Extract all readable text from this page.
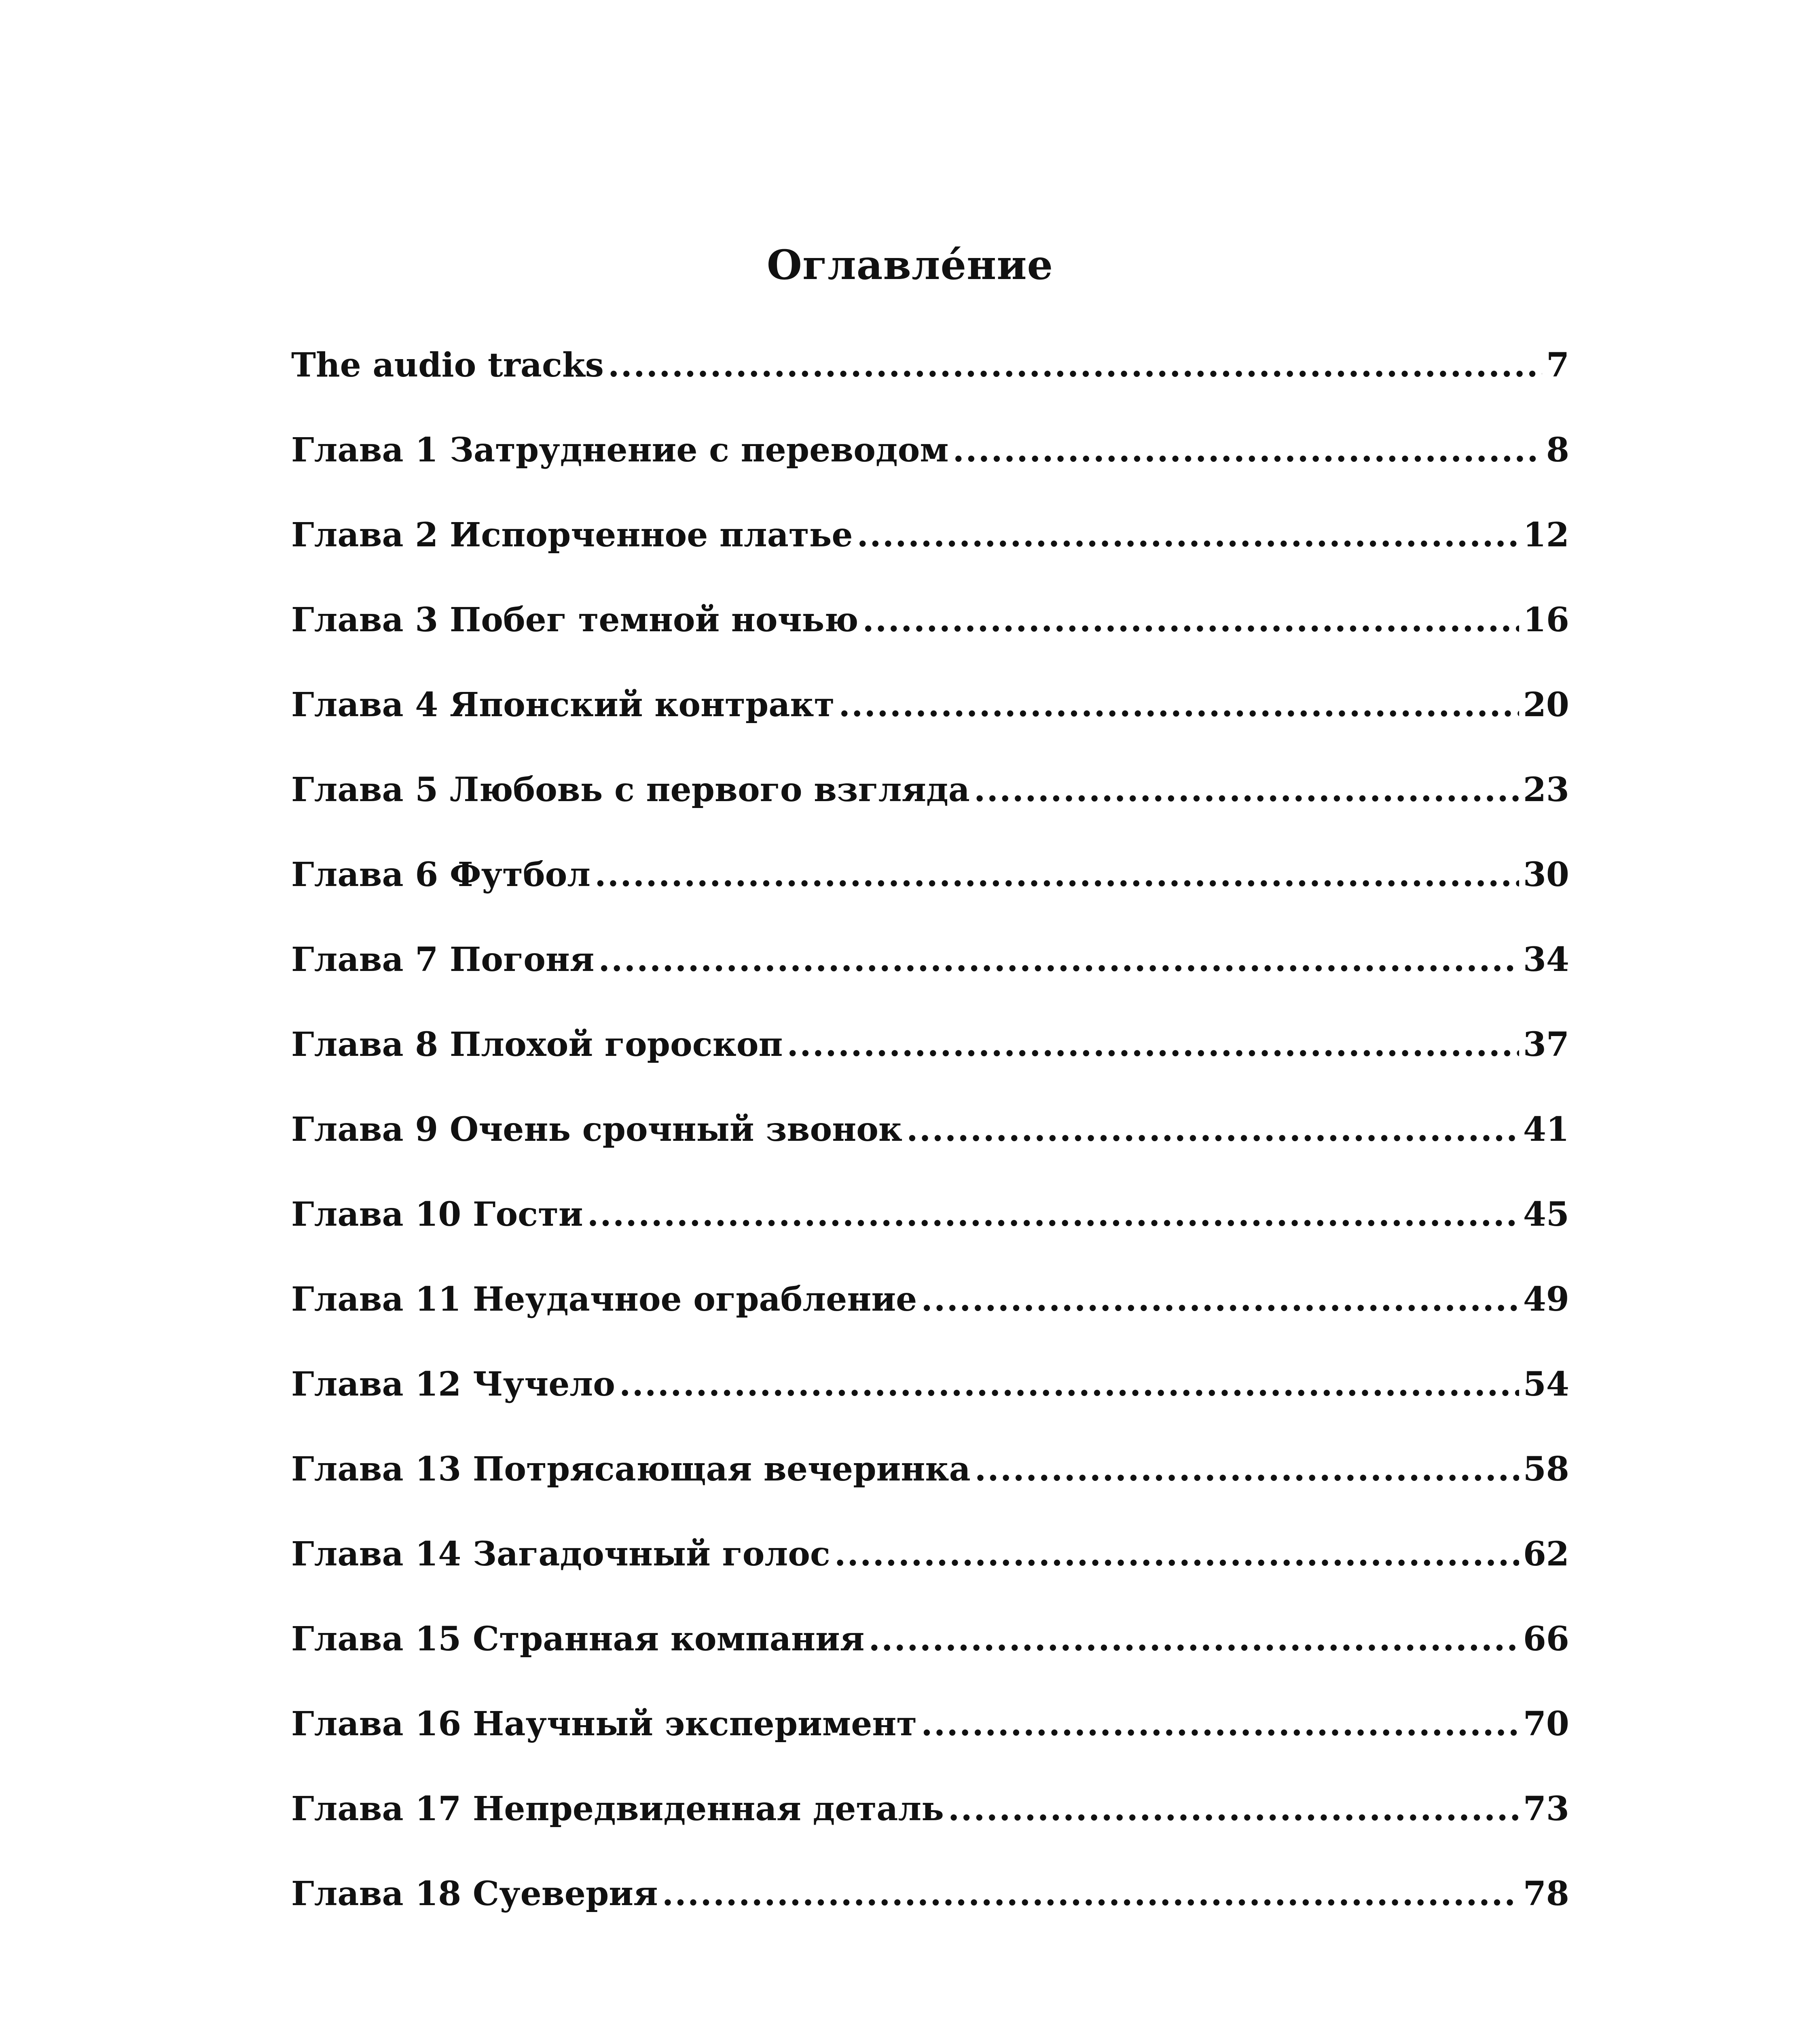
Оглавле́ние
The audio tracks .....	7
Глава 1 Затруднение с переводом .....	8
Глава 2 Испорченное платье .....	12
Глава 3 Побег темной ночью .....	16
Глава 4 Японский контракт .....	20
Глава 5 Любовь с первого взгляда .....	23
Глава 6 Футбол .....	30
Глава 7 Погоня .....	34
Глава 8 Плохой гороскоп .....	37
Глава 9 Очень срочный звонок .....	41
Глава 10 Гости .....	45
Глава 11 Неудачное ограбление .....	49
Глава 12 Чучело .....	54
Глава 13 Потрясающая вечеринка .....	58
Глава 14 Загадочный голос .....	62
Глава 15 Странная компания .....	66
Глава 16 Научный эксперимент .....	70
Глава 17 Непредвиденная деталь .....	73
Глава 18 Суеверия .....	78
